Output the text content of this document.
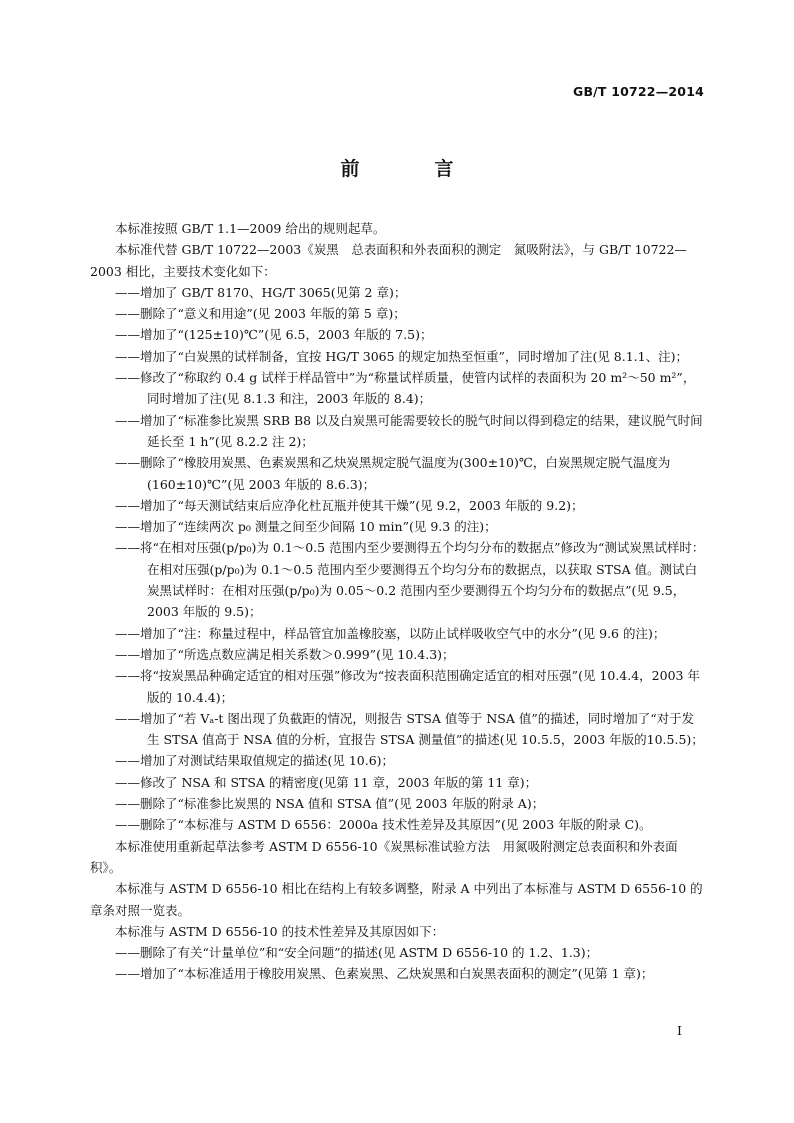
GB/T 10722—2014
前　言

本标准按照 GB/T 1.1—2009 给出的规则起草。

本标准代替 GB/T 10722—2003《炭黑　总表面积和外表面积的测定　氮吸附法》，与 GB/T 10722—2003 相比，主要技术变化如下：

——增加了 GB/T 8170、HG/T 3065(见第 2 章)；

——删除了“意义和用途”(见 2003 年版的第 5 章)；

——增加了“(125±10)℃”(见 6.5，2003 年版的 7.5)；

——增加了“白炭黑的试样制备，宜按 HG/T 3065 的规定加热至恒重”，同时增加了注(见 8.1.1、注)；

——修改了“称取约 0.4 g 试样于样品管中”为“称量试样质量，使管内试样的表面积为 20 m²～50 m²”，同时增加了注(见 8.1.3 和注，2003 年版的 8.4)；

——增加了“标准参比炭黑 SRB B8 以及白炭黑可能需要较长的脱气时间以得到稳定的结果，建议脱气时间延长至 1 h”(见 8.2.2 注 2)；

——删除了“橡胶用炭黑、色素炭黑和乙炔炭黑规定脱气温度为(300±10)℃，白炭黑规定脱气温度为(160±10)℃”(见 2003 年版的 8.6.3)；

——增加了“每天测试结束后应净化杜瓦瓶并使其干燥”(见 9.2，2003 年版的 9.2)；

——增加了“连续两次 p₀ 测量之间至少间隔 10 min”(见 9.3 的注)；

——将“在相对压强(p/p₀)为 0.1～0.5 范围内至少要测得五个均匀分布的数据点”修改为“测试炭黑试样时：在相对压强(p/p₀)为 0.1～0.5 范围内至少要测得五个均匀分布的数据点，以获取 STSA 值。测试白炭黑试样时：在相对压强(p/p₀)为 0.05～0.2 范围内至少要测得五个均匀分布的数据点”(见 9.5，2003 年版的 9.5)；

——增加了“注：称量过程中，样品管宜加盖橡胶塞，以防止试样吸收空气中的水分”(见 9.6 的注)；

——增加了“所选点数应满足相关系数＞0.999”(见 10.4.3)；

——将“按炭黑品种确定适宜的相对压强”修改为“按表面积范围确定适宜的相对压强”(见 10.4.4，2003 年版的 10.4.4)；

——增加了“若 Vₐ-t 图出现了负截距的情况，则报告 STSA 值等于 NSA 值”的描述，同时增加了“对于发生 STSA 值高于 NSA 值的分析，宜报告 STSA 测量值”的描述(见 10.5.5，2003 年版的10.5.5)；

——增加了对测试结果取值规定的描述(见 10.6)；

——修改了 NSA 和 STSA 的精密度(见第 11 章，2003 年版的第 11 章)；

——删除了“标准参比炭黑的 NSA 值和 STSA 值”(见 2003 年版的附录 A)；

——删除了“本标准与 ASTM D 6556：2000a 技术性差异及其原因”(见 2003 年版的附录 C)。

本标准使用重新起草法参考 ASTM D 6556-10《炭黑标准试验方法　用氮吸附测定总表面积和外表面积》。

本标准与 ASTM D 6556-10 相比在结构上有较多调整，附录 A 中列出了本标准与 ASTM D 6556-10 的章条对照一览表。

本标准与 ASTM D 6556-10 的技术性差异及其原因如下：

——删除了有关“计量单位”和“安全问题”的描述(见 ASTM D 6556-10 的 1.2、1.3)；

——增加了“本标准适用于橡胶用炭黑、色素炭黑、乙炔炭黑和白炭黑表面积的测定”(见第 1 章)；

I
